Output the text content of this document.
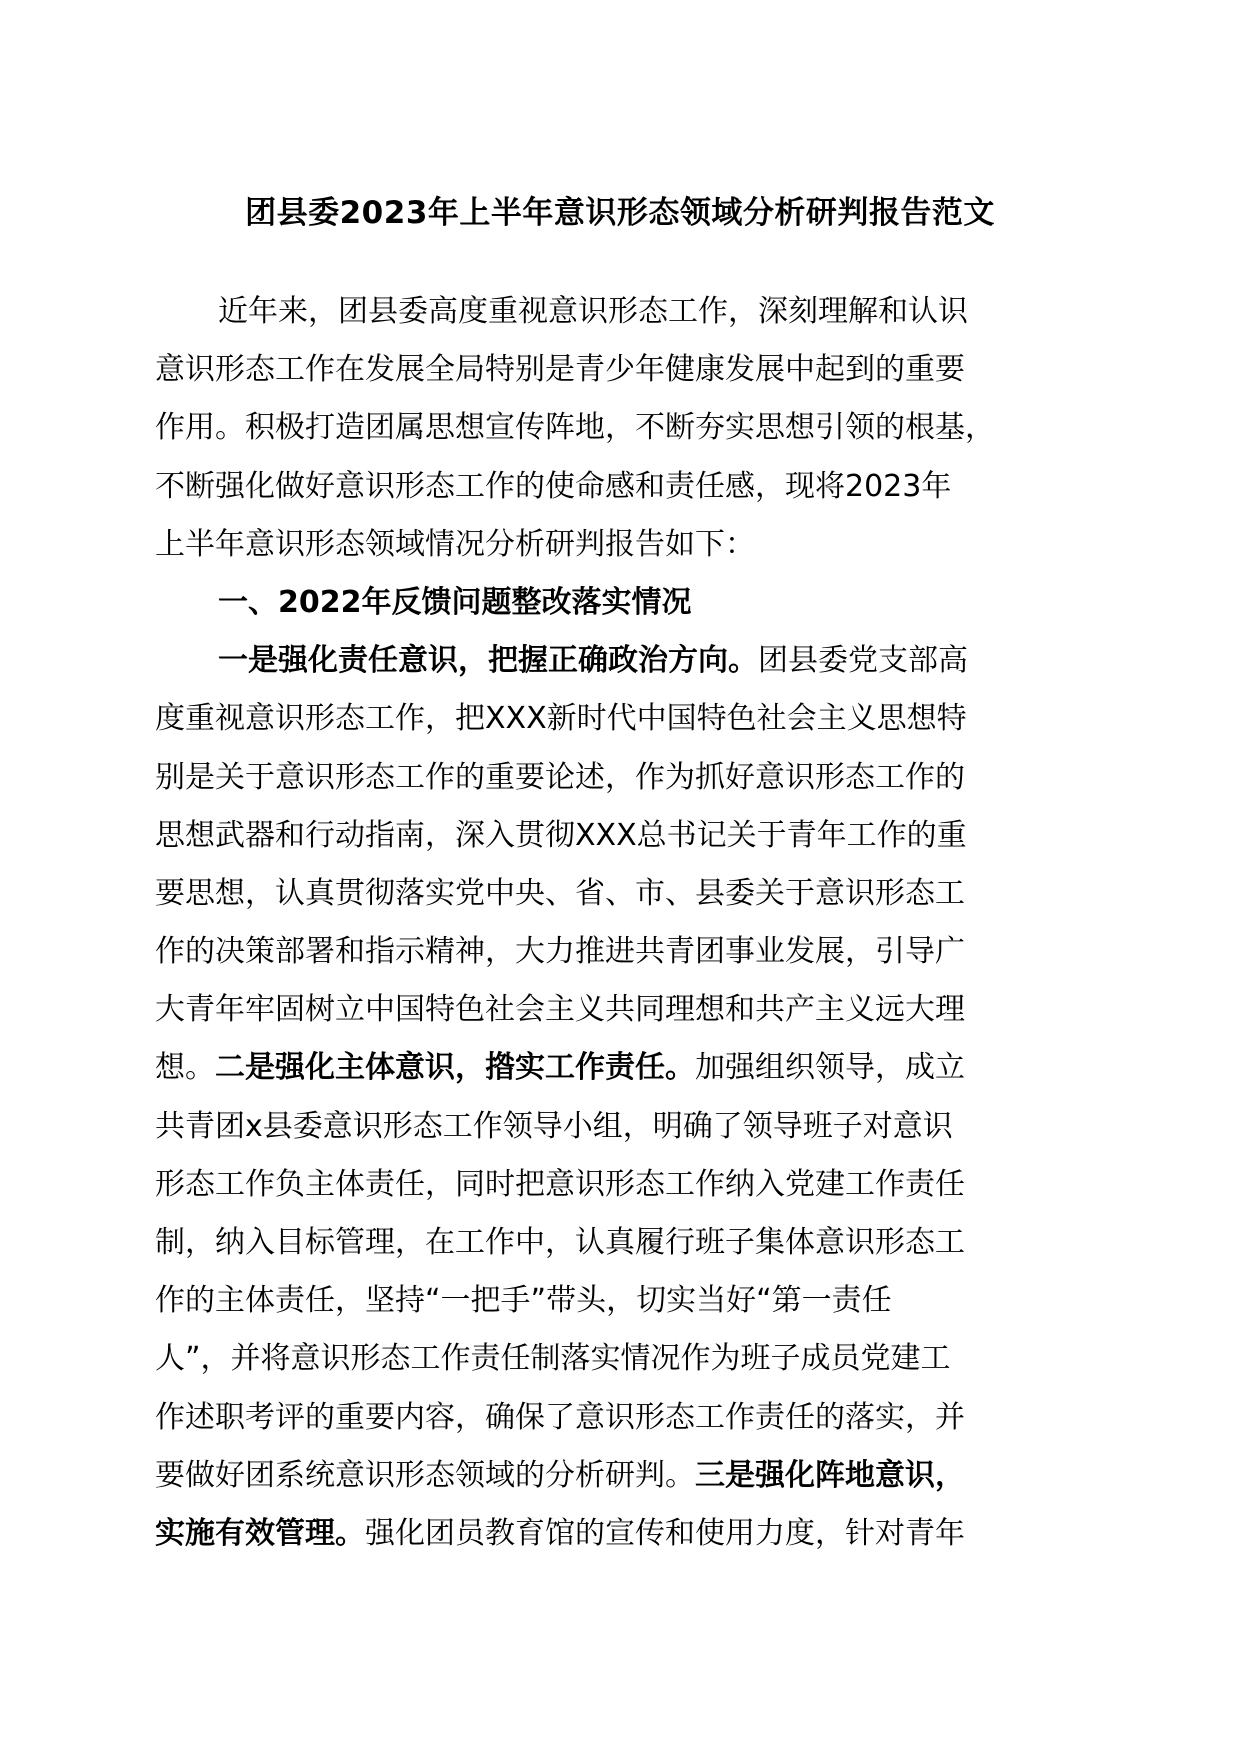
团县委2023年上半年意识形态领域分析研判报告范文
近年来，团县委高度重视意识形态工作，深刻理解和认识
意识形态工作在发展全局特别是青少年健康发展中起到的重要
作用。积极打造团属思想宣传阵地，不断夯实思想引领的根基，
不断强化做好意识形态工作的使命感和责任感，现将2023年
上半年意识形态领域情况分析研判报告如下：
一、2022年反馈问题整改落实情况
一是强化责任意识，把握正确政治方向。团县委党支部高
度重视意识形态工作，把XXX新时代中国特色社会主义思想特
别是关于意识形态工作的重要论述，作为抓好意识形态工作的
思想武器和行动指南，深入贯彻XXX总书记关于青年工作的重
要思想，认真贯彻落实党中央、省、市、县委关于意识形态工
作的决策部署和指示精神，大力推进共青团事业发展，引导广
大青年牢固树立中国特色社会主义共同理想和共产主义远大理
想。二是强化主体意识，揝实工作责任。加强组织领导，成立
共青团x县委意识形态工作领导小组，明确了领导班子对意识
形态工作负主体责任，同时把意识形态工作纳入党建工作责任
制，纳入目标管理，在工作中，认真履行班子集体意识形态工
作的主体责任，坚持“一把手”带头，切实当好“第一责任
人”，并将意识形态工作责任制落实情况作为班子成员党建工
作述职考评的重要内容，确保了意识形态工作责任的落实，并
要做好团系统意识形态领域的分析研判。三是强化阵地意识，
实施有效管理。强化团员教育馆的宣传和使用力度，针对青年
